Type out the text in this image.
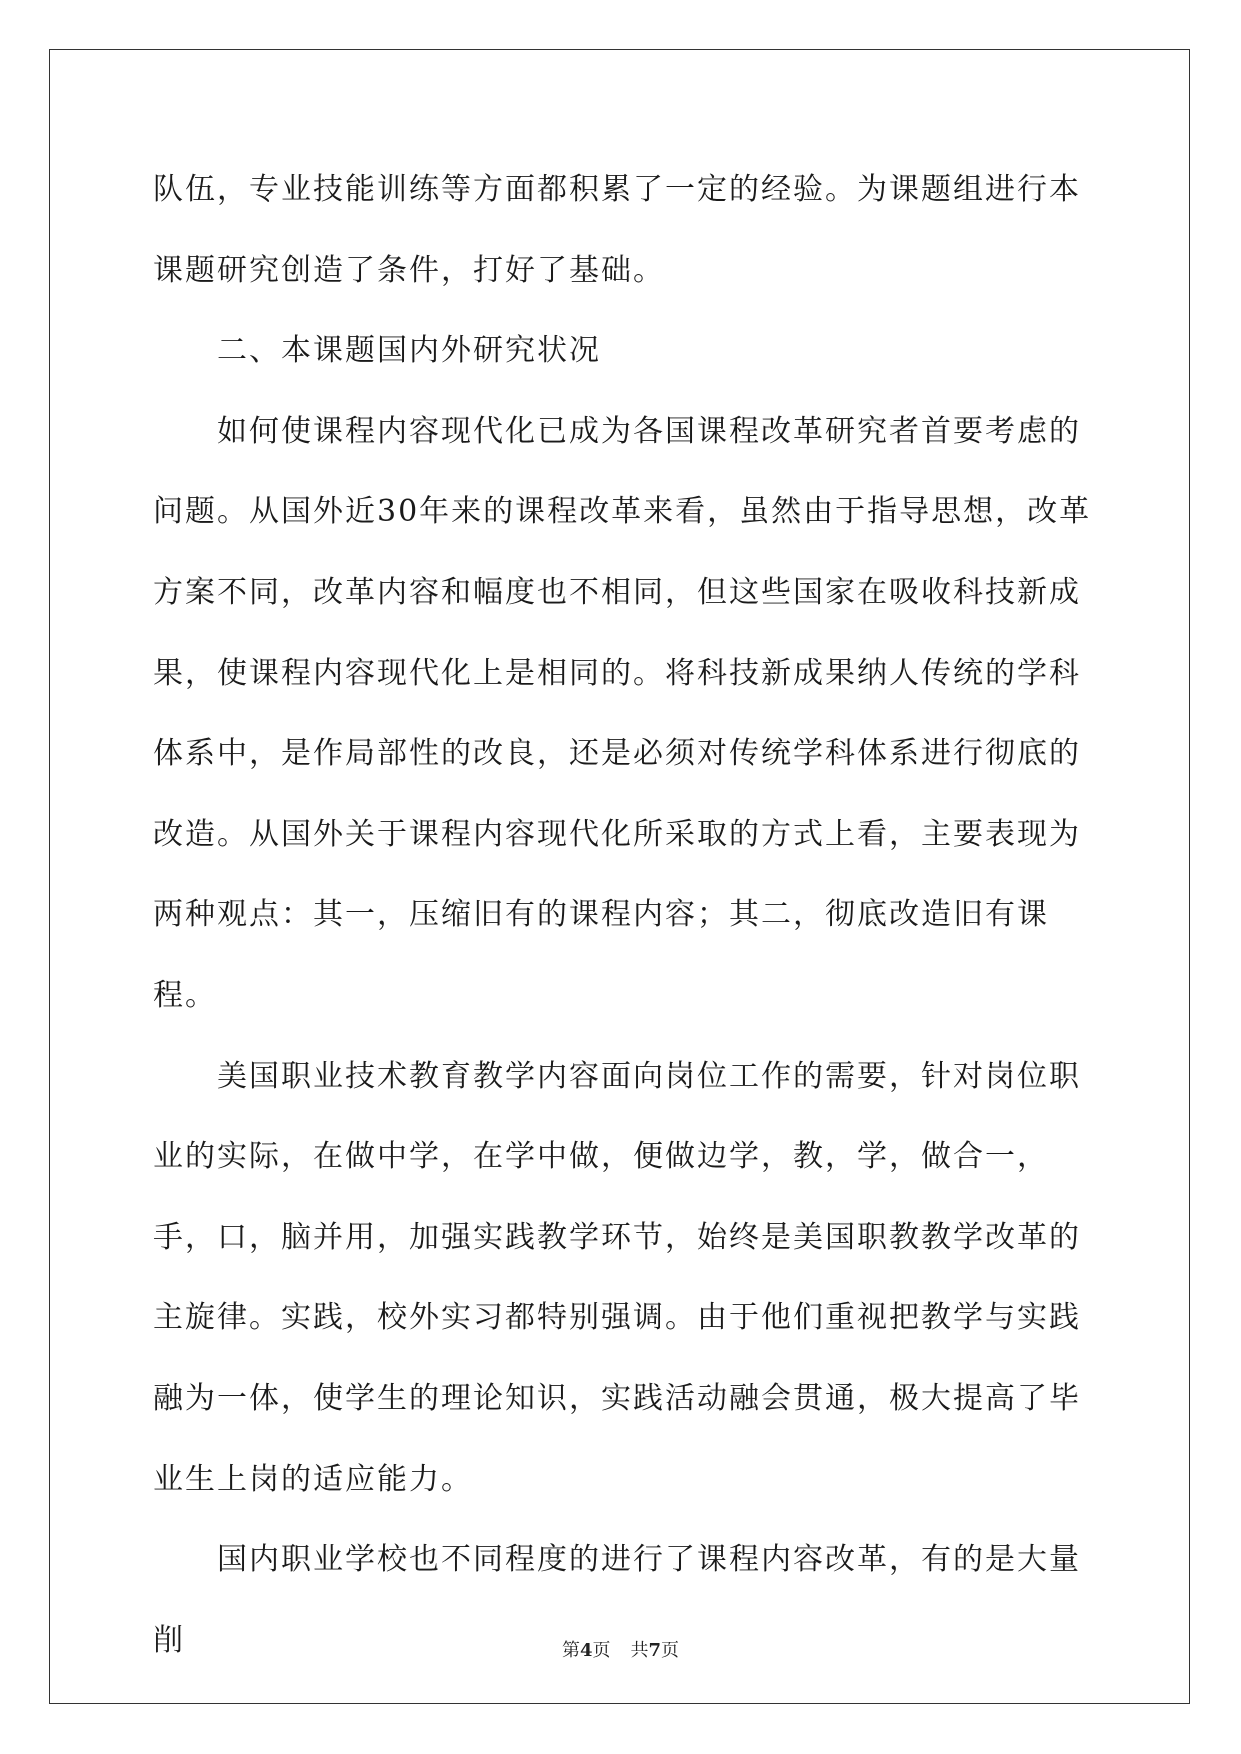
队伍，专业技能训练等方面都积累了一定的经验。为课题组进行本课题研究创造了条件，打好了基础。

二、本课题国内外研究状况

如何使课程内容现代化已成为各国课程改革研究者首要考虑的问题。从国外近30年来的课程改革来看，虽然由于指导思想，改革方案不同，改革内容和幅度也不相同，但这些国家在吸收科技新成果，使课程内容现代化上是相同的。将科技新成果纳人传统的学科体系中，是作局部性的改良，还是必须对传统学科体系进行彻底的改造。从国外关于课程内容现代化所采取的方式上看，主要表现为两种观点：其一，压缩旧有的课程内容；其二，彻底改造旧有课程。

美国职业技术教育教学内容面向岗位工作的需要，针对岗位职业的实际，在做中学，在学中做，便做边学，教，学，做合一，手，口，脑并用，加强实践教学环节，始终是美国职教教学改革的主旋律。实践，校外实习都特别强调。由于他们重视把教学与实践融为一体，使学生的理论知识，实践活动融会贯通，极大提高了毕业生上岗的适应能力。

国内职业学校也不同程度的进行了课程内容改革，有的是大量削	第4页 共7页
